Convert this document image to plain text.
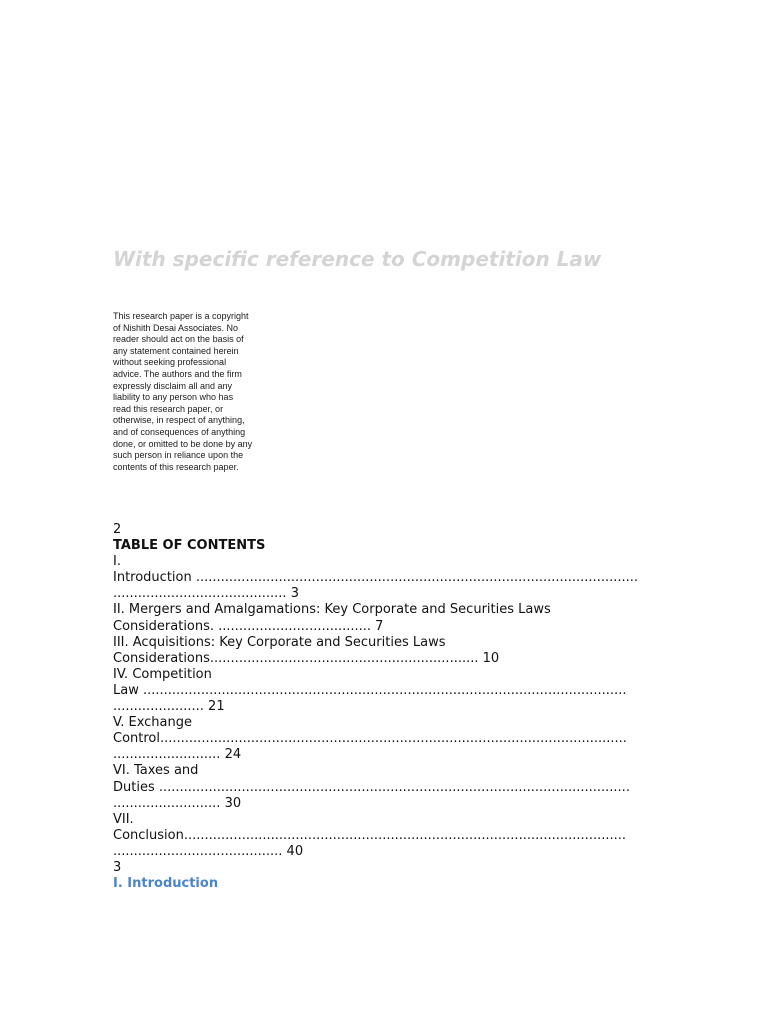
With specific reference to Competition Law

This research paper is a copyright of Nishith Desai Associates. No reader should act on the basis of any statement contained herein without seeking professional advice. The authors and the firm expressly disclaim all and any liability to any person who has read this research paper, or otherwise, in respect of anything, and of consequences of anything done, or omitted to be done by any such person in reliance upon the contents of this research paper.

2
TABLE OF CONTENTS
I.
Introduction ...........................................................................................................
.......................................... 3
II. Mergers and Amalgamations: Key Corporate and Securities Laws
Considerations. ..................................... 7
III. Acquisitions: Key Corporate and Securities Laws
Considerations................................................................. 10
IV. Competition
Law .....................................................................................................................
...................... 21
V. Exchange
Control.................................................................................................................
.......................... 24
VI. Taxes and
Duties ..................................................................................................................
.......................... 30
VII.
Conclusion...........................................................................................................
......................................... 40
3
I. Introduction
